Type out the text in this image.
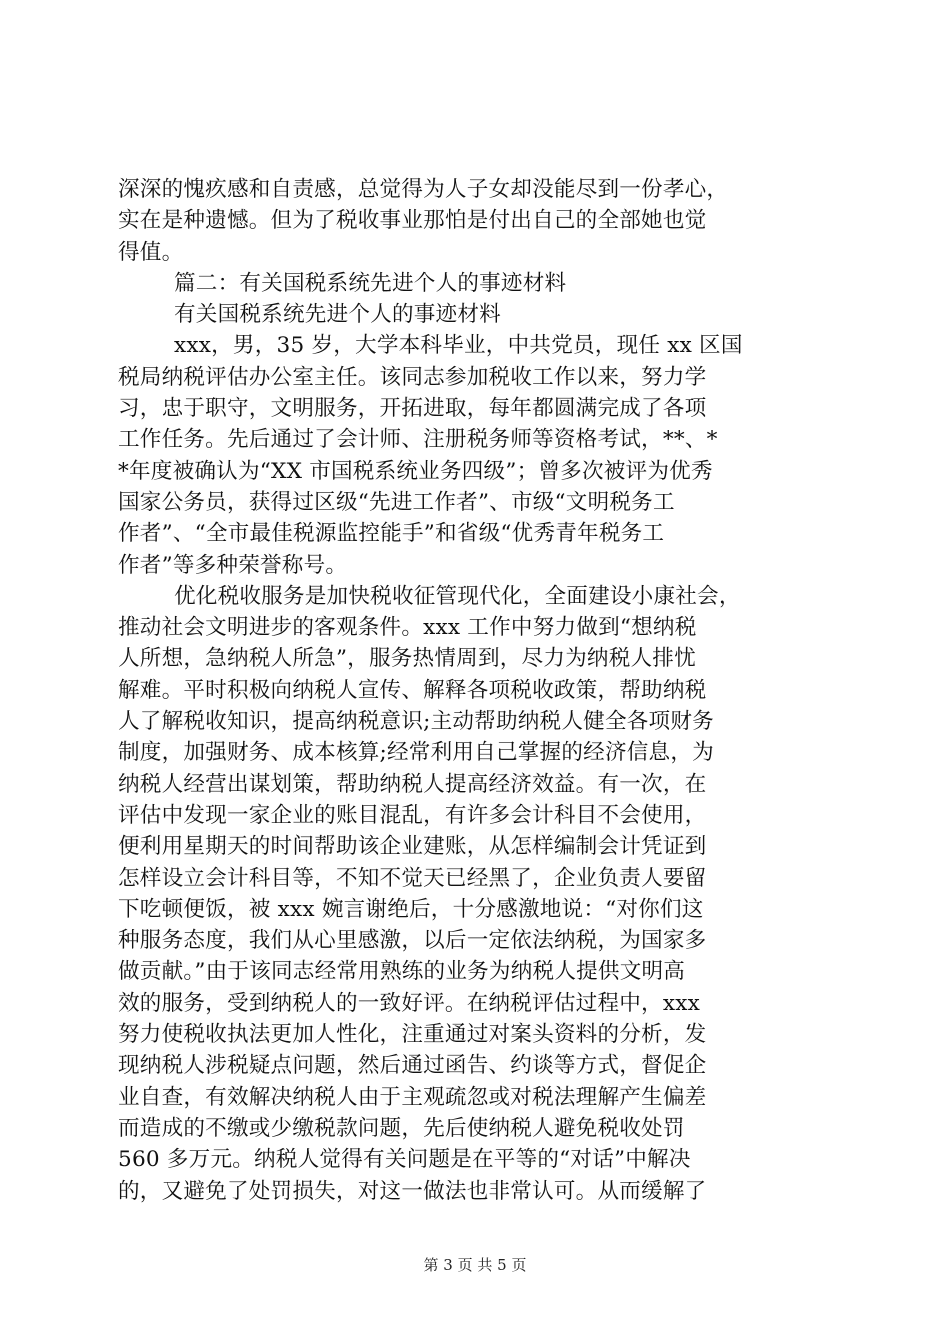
深深的愧疚感和自责感，总觉得为人子女却没能尽到一份孝心，
实在是种遗憾。但为了税收事业那怕是付出自己的全部她也觉
得值。
篇二：有关国税系统先进个人的事迹材料
有关国税系统先进个人的事迹材料
xxx，男，35 岁，大学本科毕业，中共党员，现任 xx 区国
税局纳税评估办公室主任。该同志参加税收工作以来，努力学
习，忠于职守，文明服务，开拓进取，每年都圆满完成了各项
工作任务。先后通过了会计师、注册税务师等资格考试，**、*
*年度被确认为“XX 市国税系统业务四级”；曾多次被评为优秀
国家公务员，获得过区级“先进工作者”、市级“文明税务工
作者”、“全市最佳税源监控能手”和省级“优秀青年税务工
作者”等多种荣誉称号。
优化税收服务是加快税收征管现代化，全面建设小康社会，
推动社会文明进步的客观条件。xxx 工作中努力做到“想纳税
人所想，急纳税人所急”，服务热情周到，尽力为纳税人排忧
解难。平时积极向纳税人宣传、解释各项税收政策，帮助纳税
人了解税收知识，提高纳税意识;主动帮助纳税人健全各项财务
制度，加强财务、成本核算;经常利用自己掌握的经济信息，为
纳税人经营出谋划策，帮助纳税人提高经济效益。有一次，在
评估中发现一家企业的账目混乱，有许多会计科目不会使用，
便利用星期天的时间帮助该企业建账，从怎样编制会计凭证到
怎样设立会计科目等，不知不觉天已经黑了，企业负责人要留
下吃顿便饭，被 xxx 婉言谢绝后，十分感激地说：“对你们这
种服务态度，我们从心里感激，以后一定依法纳税，为国家多
做贡献。”由于该同志经常用熟练的业务为纳税人提供文明高
效的服务，受到纳税人的一致好评。在纳税评估过程中，xxx
努力使税收执法更加人性化，注重通过对案头资料的分析，发
现纳税人涉税疑点问题，然后通过函告、约谈等方式，督促企
业自查，有效解决纳税人由于主观疏忽或对税法理解产生偏差
而造成的不缴或少缴税款问题，先后使纳税人避免税收处罚
560 多万元。纳税人觉得有关问题是在平等的“对话”中解决
的，又避免了处罚损失，对这一做法也非常认可。从而缓解了
第 3 页 共 5 页
